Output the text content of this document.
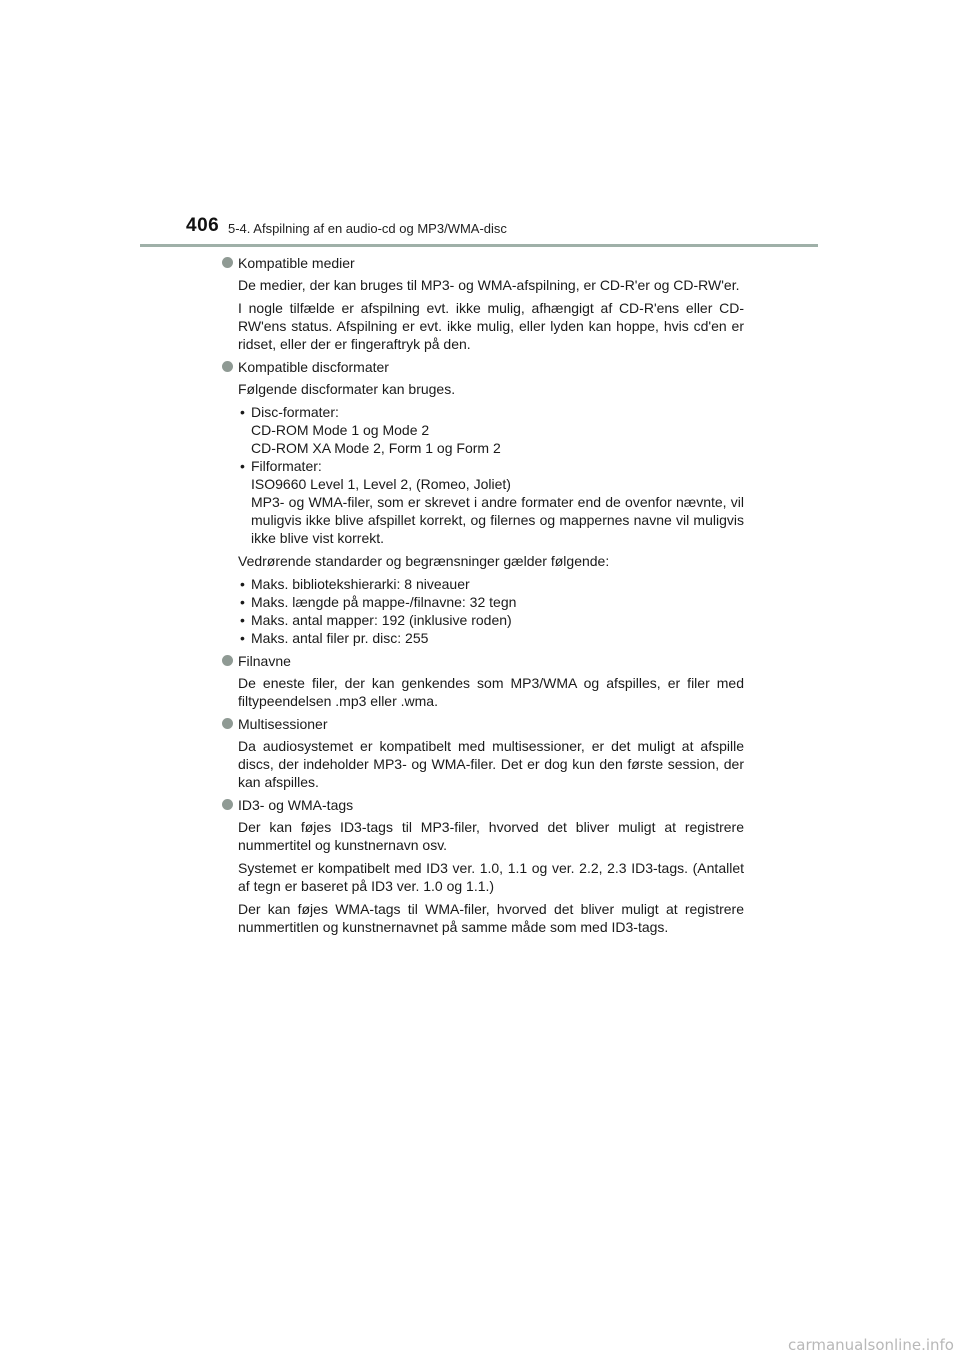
406 5-4. Afspilning af en audio-cd og MP3/WMA-disc
Kompatible medier

De medier, der kan bruges til MP3- og WMA-afspilning, er CD-R'er og CD-RW'er.

I nogle tilfælde er afspilning evt. ikke mulig, afhængigt af CD-R'ens eller CD-RW'ens status. Afspilning er evt. ikke mulig, eller lyden kan hoppe, hvis cd'en er ridset, eller der er fingeraftryk på den.

Kompatible discformater

Følgende discformater kan bruges.

• Disc-formater:
CD-ROM Mode 1 og Mode 2
CD-ROM XA Mode 2, Form 1 og Form 2
• Filformater:
ISO9660 Level 1, Level 2, (Romeo, Joliet)
MP3- og WMA-filer, som er skrevet i andre formater end de ovenfor nævnte, vil muligvis ikke blive afspillet korrekt, og filernes og mappernes navne vil muligvis ikke blive vist korrekt.

Vedrørende standarder og begrænsninger gælder følgende:

• Maks. bibliotekshierarki: 8 niveauer
• Maks. længde på mappe-/filnavne: 32 tegn
• Maks. antal mapper: 192 (inklusive roden)
• Maks. antal filer pr. disc: 255
Filnavne

De eneste filer, der kan genkendes som MP3/WMA og afspilles, er filer med filtypeendelsen .mp3 eller .wma.

Multisessioner

Da audiosystemet er kompatibelt med multisessioner, er det muligt at afspille discs, der indeholder MP3- og WMA-filer. Det er dog kun den første session, der kan afspilles.

ID3- og WMA-tags

Der kan føjes ID3-tags til MP3-filer, hvorved det bliver muligt at registrere nummertitel og kunstnernavn osv.

Systemet er kompatibelt med ID3 ver. 1.0, 1.1 og ver. 2.2, 2.3 ID3-tags. (Antallet af tegn er baseret på ID3 ver. 1.0 og 1.1.)

Der kan føjes WMA-tags til WMA-filer, hvorved det bliver muligt at registrere nummertitlen og kunstnernavnet på samme måde som med ID3-tags.

carmanualsonline.info
